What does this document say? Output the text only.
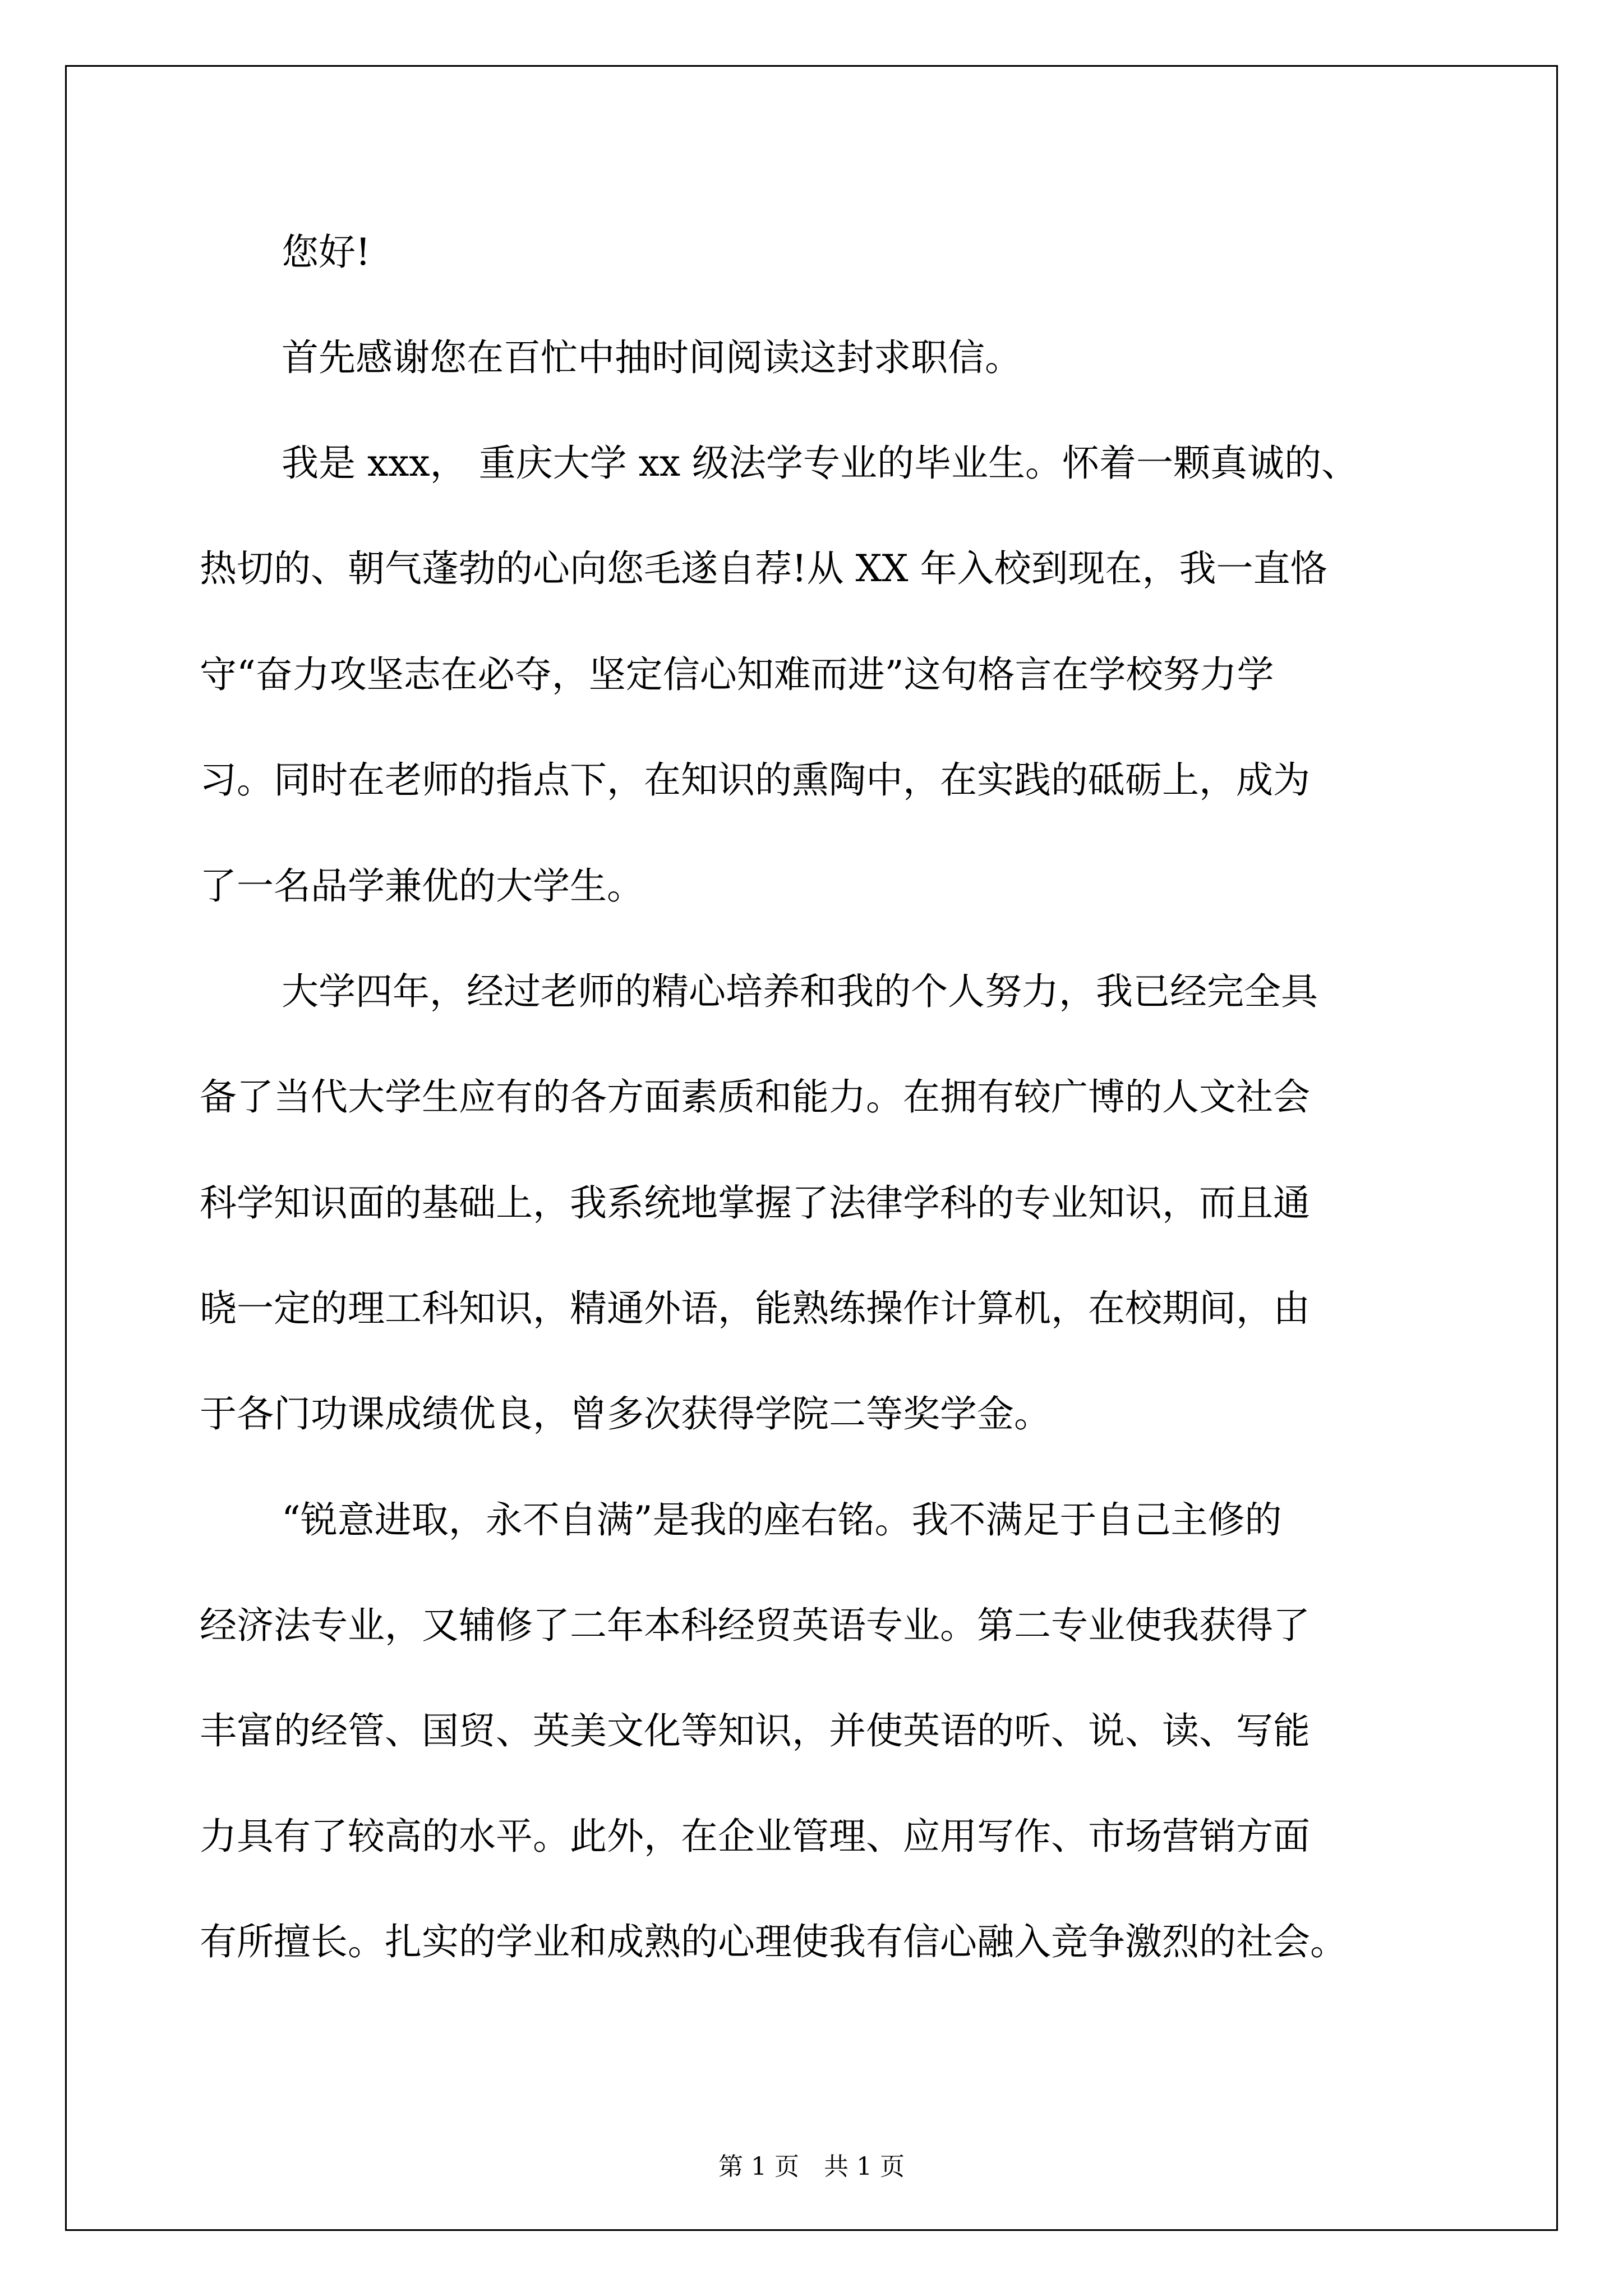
您好!
首先感谢您在百忙中抽时间阅读这封求职信。
我是 xxx， 重庆大学 xx 级法学专业的毕业生。怀着一颗真诚的、
热切的、朝气蓬勃的心向您毛遂自荐!从 XX 年入校到现在，我一直恪
守“奋力攻坚志在必夺，坚定信心知难而进”这句格言在学校努力学
习。同时在老师的指点下，在知识的熏陶中，在实践的砥砺上，成为
了一名品学兼优的大学生。
大学四年，经过老师的精心培养和我的个人努力，我已经完全具
备了当代大学生应有的各方面素质和能力。在拥有较广博的人文社会
科学知识面的基础上，我系统地掌握了法律学科的专业知识，而且通
晓一定的理工科知识，精通外语，能熟练操作计算机，在校期间，由
于各门功课成绩优良，曾多次获得学院二等奖学金。
“锐意进取，永不自满”是我的座右铭。我不满足于自己主修的
经济法专业，又辅修了二年本科经贸英语专业。第二专业使我获得了
丰富的经管、国贸、英美文化等知识，并使英语的听、说、读、写能
力具有了较高的水平。此外，在企业管理、应用写作、市场营销方面
有所擅长。扎实的学业和成熟的心理使我有信心融入竞争激烈的社会。
第 1 页　共 1 页
